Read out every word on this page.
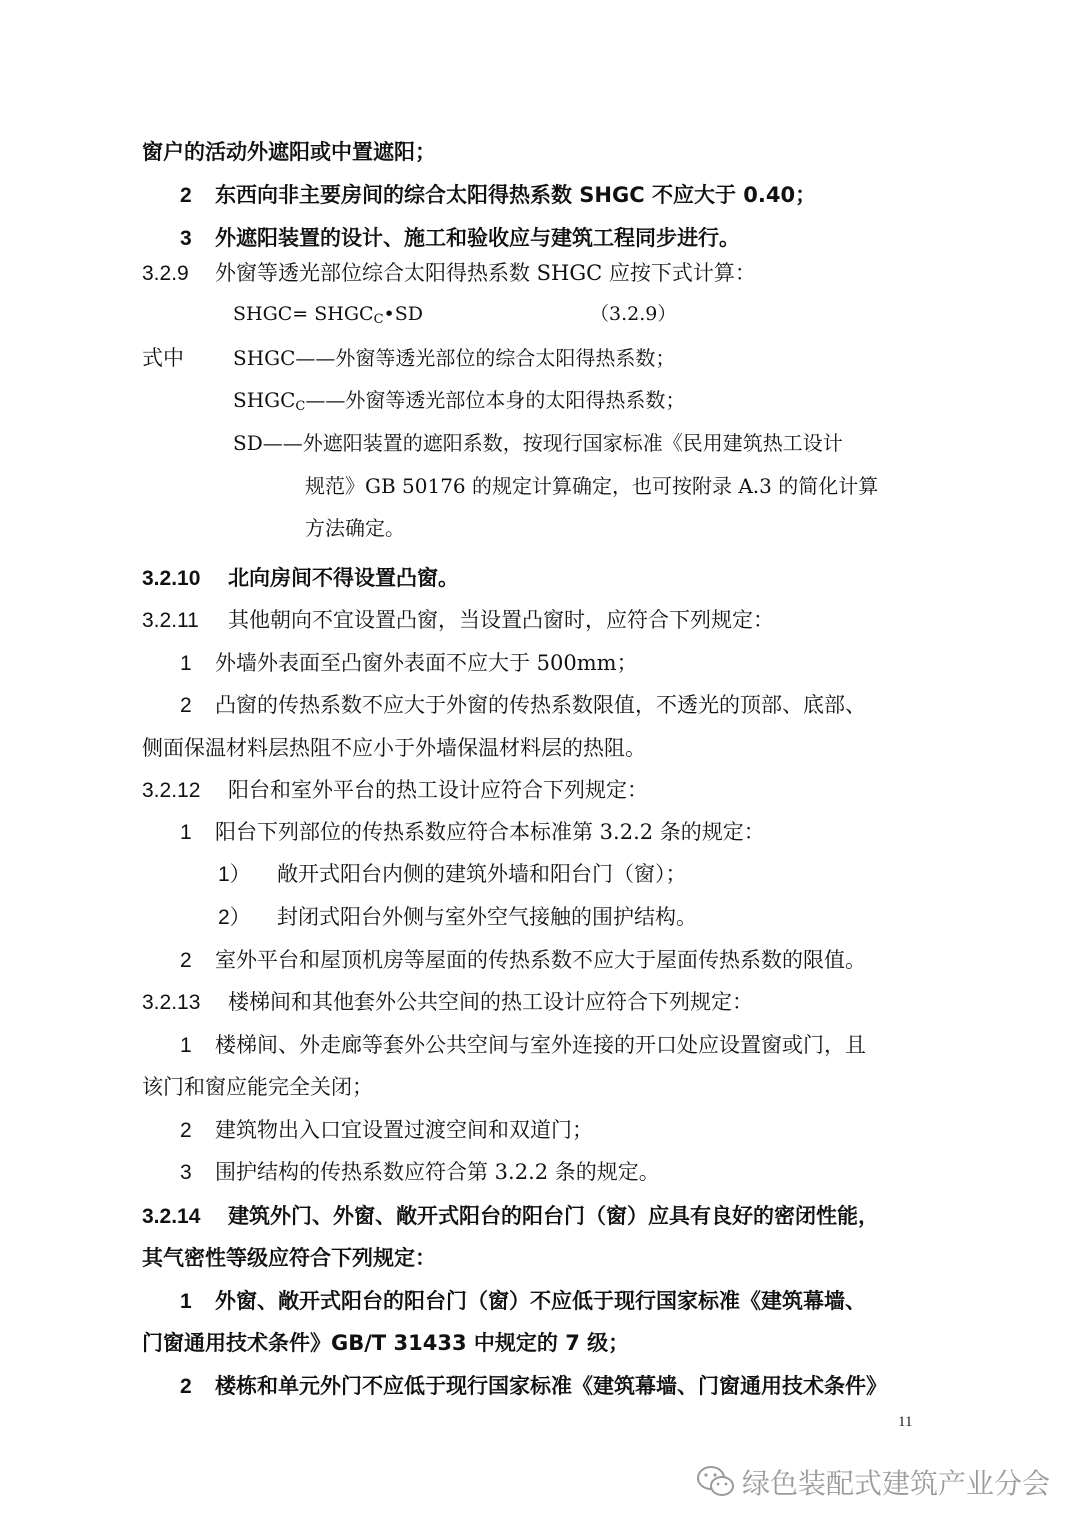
窗户的活动外遮阳或中置遮阳；
2 东西向非主要房间的综合太阳得热系数 SHGC 不应大于 0.40；
3 外遮阳装置的设计、施工和验收应与建筑工程同步进行。
3.2.9 外窗等透光部位综合太阳得热系数 SHGC 应按下式计算：
SHGC= $SHGC_C•SD$	（3.2.9）
式中 SHGC——外窗等透光部位的综合太阳得热系数；
$SHGC_C——$外窗等透光部位本身的太阳得热系数；
SD——外遮阳装置的遮阳系数，按现行国家标准《民用建筑热工设计
规范》GB 50176 的规定计算确定，也可按附录 A.3 的简化计算
方法确定。
3.2.10 北向房间不得设置凸窗。
3.2.11 其他朝向不宜设置凸窗，当设置凸窗时，应符合下列规定：
1 外墙外表面至凸窗外表面不应大于 500mm；
2 凸窗的传热系数不应大于外窗的传热系数限值，不透光的顶部、底部、
侧面保温材料层热阻不应小于外墙保温材料层的热阻。
3.2.12 阳台和室外平台的热工设计应符合下列规定：
1 阳台下列部位的传热系数应符合本标准第 3.2.2 条的规定：
1） 敞开式阳台内侧的建筑外墙和阳台门（窗）；
2） 封闭式阳台外侧与室外空气接触的围护结构。
2 室外平台和屋顶机房等屋面的传热系数不应大于屋面传热系数的限值。
3.2.13 楼梯间和其他套外公共空间的热工设计应符合下列规定：
1 楼梯间、外走廊等套外公共空间与室外连接的开口处应设置窗或门，且
该门和窗应能完全关闭；
2 建筑物出入口宜设置过渡空间和双道门；
3 围护结构的传热系数应符合第 3.2.2 条的规定。
3.2.14 建筑外门、外窗、敞开式阳台的阳台门（窗）应具有良好的密闭性能，
其气密性等级应符合下列规定：
1 外窗、敞开式阳台的阳台门（窗）不应低于现行国家标准《建筑幕墙、
门窗通用技术条件》GB/T 31433 中规定的 7 级；
2 楼栋和单元外门不应低于现行国家标准《建筑幕墙、门窗通用技术条件》
11
绿色装配式建筑产业分会
